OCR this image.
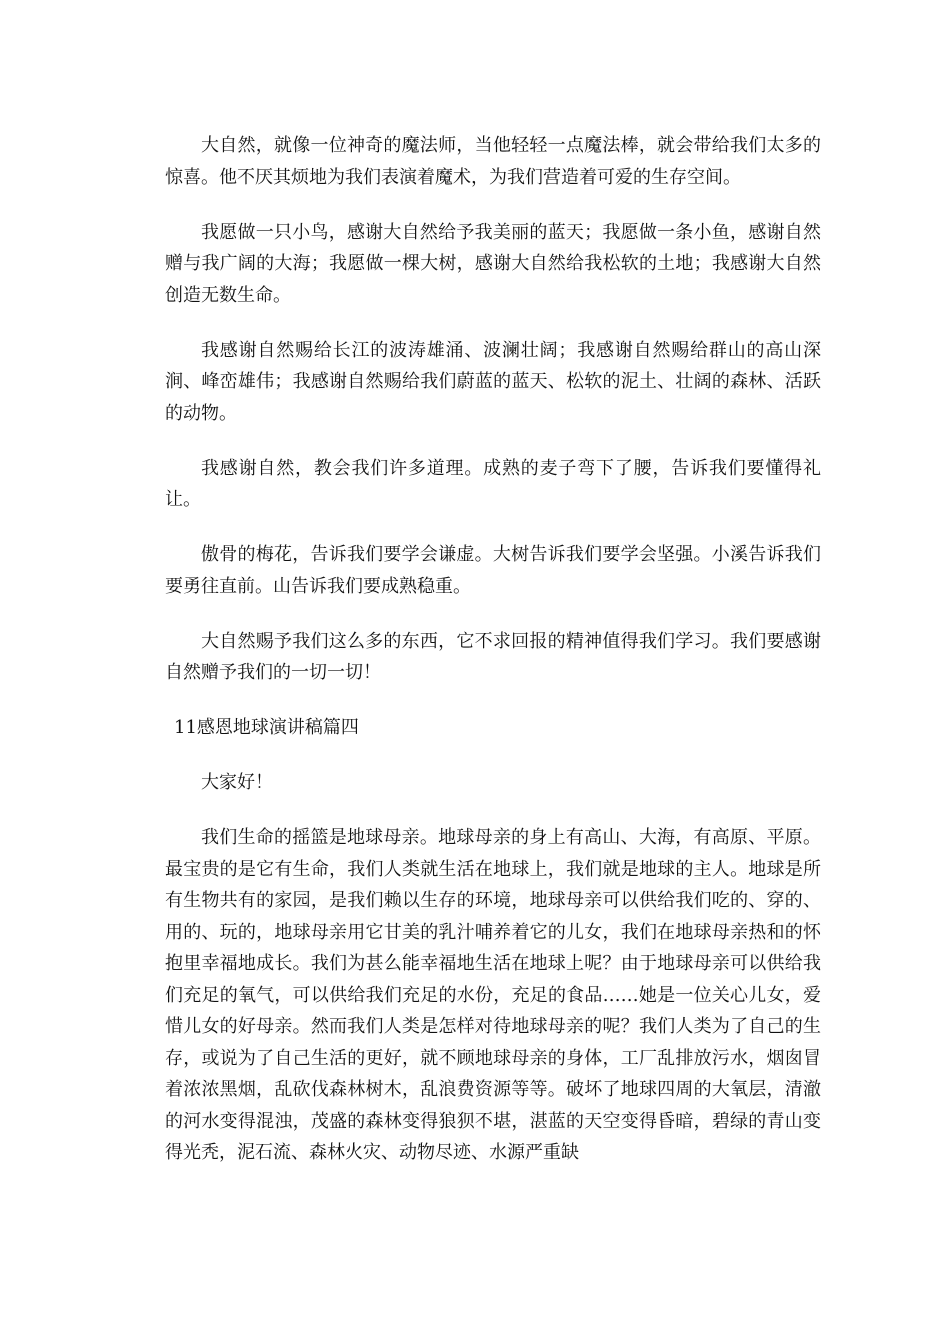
大自然，就像一位神奇的魔法师，当他轻轻一点魔法棒，就会带给我们太多的惊喜。他不厌其烦地为我们表演着魔术，为我们营造着可爱的生存空间。

我愿做一只小鸟，感谢大自然给予我美丽的蓝天；我愿做一条小鱼，感谢自然赠与我广阔的大海；我愿做一棵大树，感谢大自然给我松软的土地；我感谢大自然创造无数生命。

我感谢自然赐给长江的波涛雄涌、波澜壮阔；我感谢自然赐给群山的高山深涧、峰峦雄伟；我感谢自然赐给我们蔚蓝的蓝天、松软的泥土、壮阔的森林、活跃的动物。

我感谢自然，教会我们许多道理。成熟的麦子弯下了腰，告诉我们要懂得礼让。

傲骨的梅花，告诉我们要学会谦虚。大树告诉我们要学会坚强。小溪告诉我们要勇往直前。山告诉我们要成熟稳重。

大自然赐予我们这么多的东西，它不求回报的精神值得我们学习。我们要感谢自然赠予我们的一切一切！

11感恩地球演讲稿篇四

大家好！

我们生命的摇篮是地球母亲。地球母亲的身上有高山、大海，有高原、平原。最宝贵的是它有生命，我们人类就生活在地球上，我们就是地球的主人。地球是所有生物共有的家园，是我们赖以生存的环境，地球母亲可以供给我们吃的、穿的、用的、玩的，地球母亲用它甘美的乳汁哺养着它的儿女，我们在地球母亲热和的怀抱里幸福地成长。我们为甚么能幸福地生活在地球上呢？由于地球母亲可以供给我们充足的氧气，可以供给我们充足的水份，充足的食品……她是一位关心儿女，爱惜儿女的好母亲。然而我们人类是怎样对待地球母亲的呢？我们人类为了自己的生存，或说为了自己生活的更好，就不顾地球母亲的身体，工厂乱排放污水，烟囱冒着浓浓黑烟，乱砍伐森林树木，乱浪费资源等等。破坏了地球四周的大氧层，清澈的河水变得混浊，茂盛的森林变得狼狈不堪，湛蓝的天空变得昏暗，碧绿的青山变得光秃，泥石流、森林火灾、动物尽迹、水源严重缺
